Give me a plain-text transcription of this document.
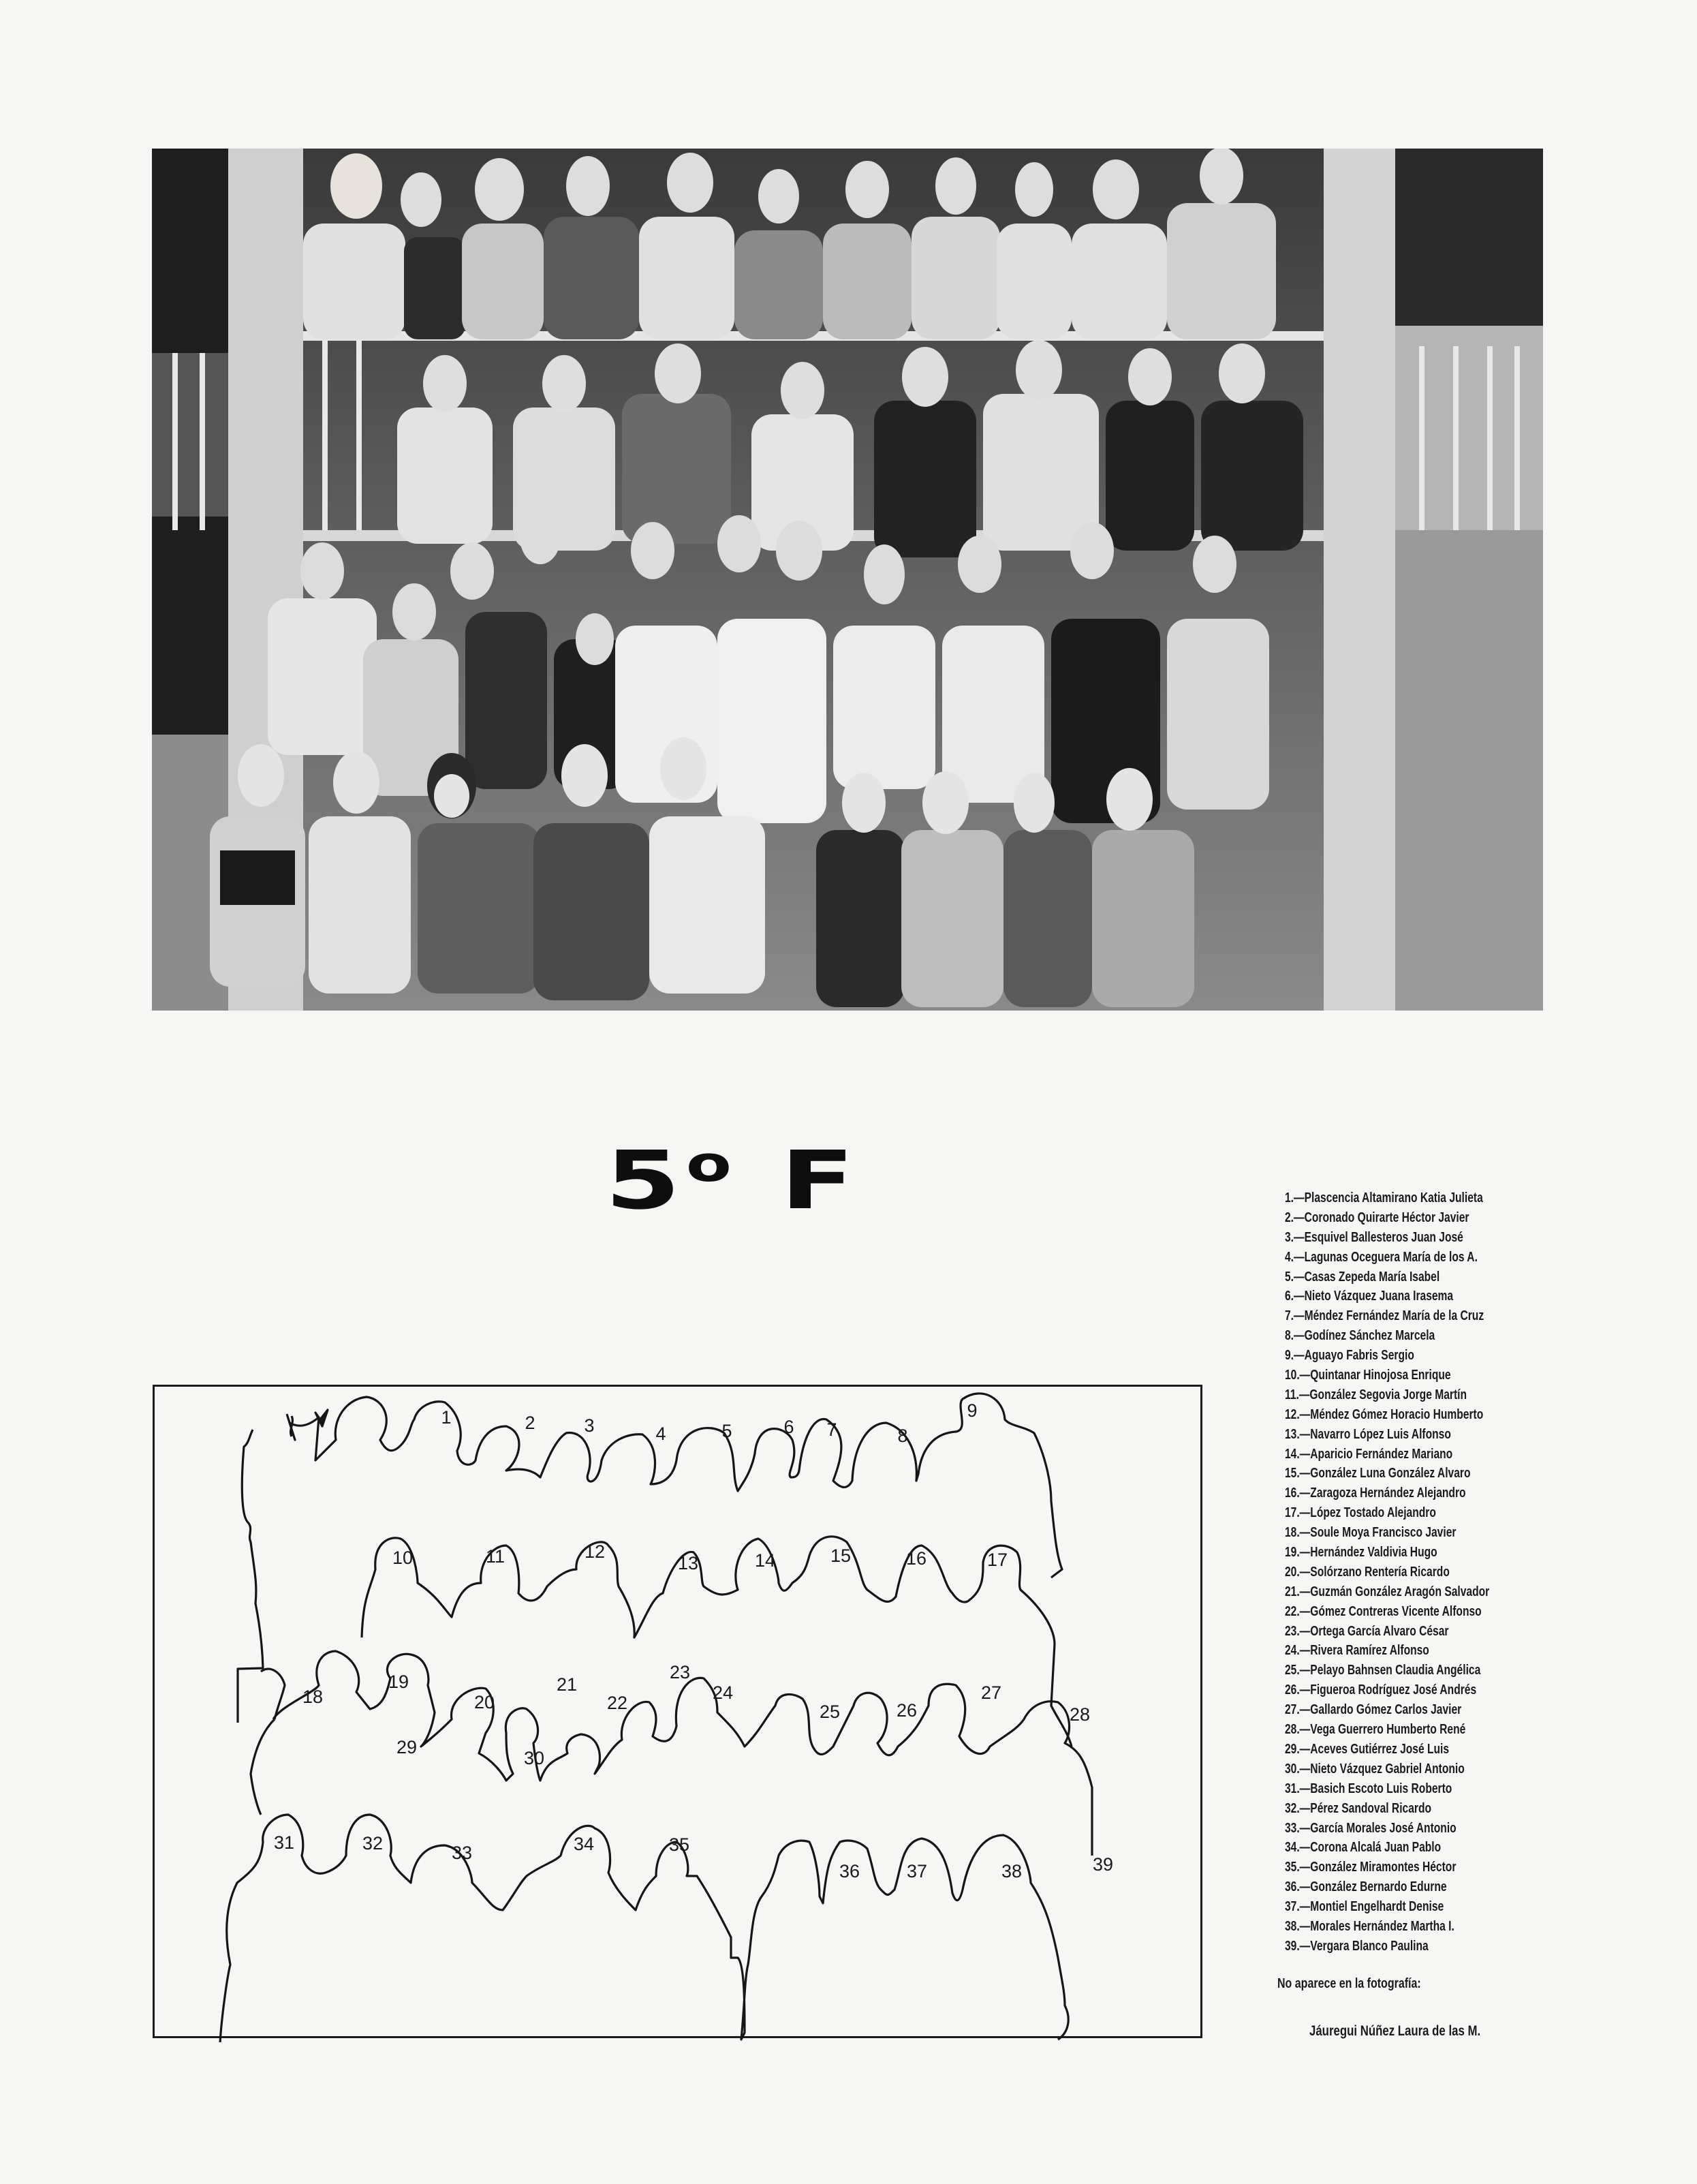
5$^o$ F
1	2	3	4	5	6 7	8
9
10	11	12
13	14	15	16	17
18
19
20
21
22
23
24
25	26
27
28
29
30
31	32	33	34	35
36	37	38	39
1.—Plascencia Altamirano Katia Julieta
2.—Coronado Quirarte Héctor Javier
3.—Esquivel Ballesteros Juan José
4.—Lagunas Oceguera María de los A.
5.—Casas Zepeda María Isabel
6.—Nieto Vázquez Juana Irasema
7.—Méndez Fernández María de la Cruz
8.—Godínez Sánchez Marcela
9.—Aguayo Fabris Sergio
10.—Quintanar Hinojosa Enrique
11.—González Segovia Jorge Martín
12.—Méndez Gómez Horacio Humberto
13.—Navarro López Luis Alfonso
14.—Aparicio Fernández Mariano
15.—González Luna González Alvaro
16.—Zaragoza Hernández Alejandro
17.—López Tostado Alejandro
18.—Soule Moya Francisco Javier
19.—Hernández Valdivia Hugo
20.—Solórzano Rentería Ricardo
21.—Guzmán González Aragón Salvador
22.—Gómez Contreras Vicente Alfonso
23.—Ortega García Alvaro César
24.—Rivera Ramírez Alfonso
25.—Pelayo Bahnsen Claudia Angélica
26.—Figueroa Rodríguez José Andrés
27.—Gallardo Gómez Carlos Javier
28.—Vega Guerrero Humberto René
29.—Aceves Gutiérrez José Luis
30.—Nieto Vázquez Gabriel Antonio
31.—Basich Escoto Luis Roberto
32.—Pérez Sandoval Ricardo
33.—García Morales José Antonio
34.—Corona Alcalá Juan Pablo
35.—González Miramontes Héctor
36.—González Bernardo Edurne
37.—Montiel Engelhardt Denise
38.—Morales Hernández Martha I.
39.—Vergara Blanco Paulina
No aparece en la fotografía:
Jáuregui Núñez Laura de las M.
